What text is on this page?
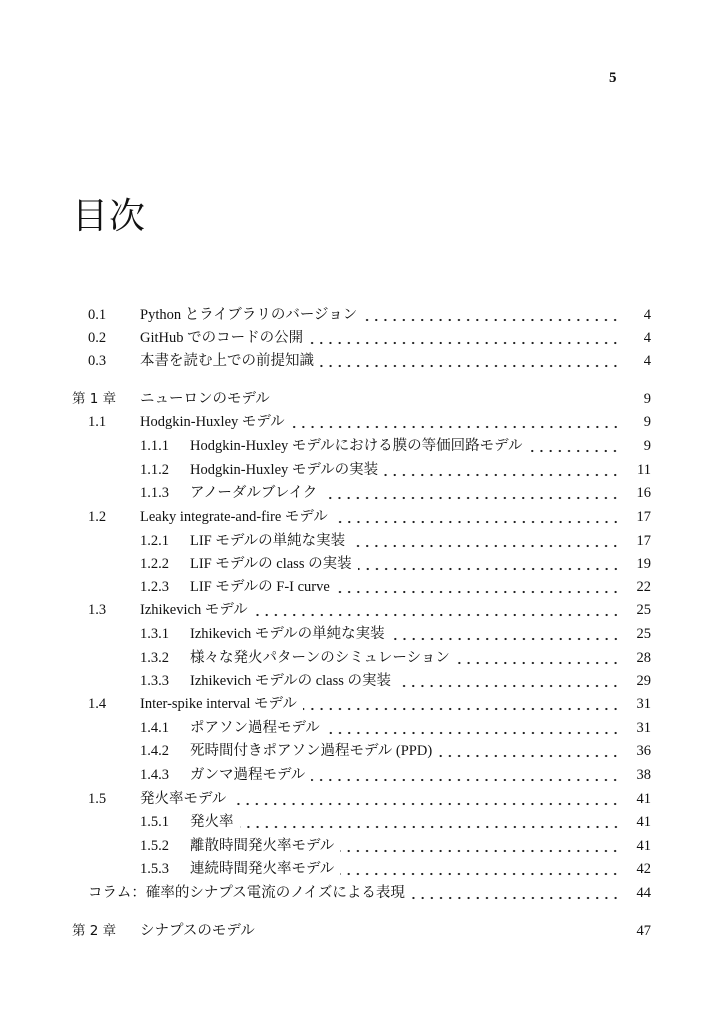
5
目次
0.1 Python とライブラリのバージョン	4
0.2 GitHub でのコードの公開	4
0.3 本書を読む上での前提知識	4
第 1 章 ニューロンのモデル	9
1.1 Hodgkin-Huxley モデル	9
1.1.1 Hodgkin-Huxley モデルにおける膜の等価回路モデル	9
1.1.2 Hodgkin-Huxley モデルの実装	11
1.1.3 アノーダルブレイク	16
1.2 Leaky integrate-and-fire モデル	17
1.2.1 LIF モデルの単純な実装	17
1.2.2 LIF モデルの class の実装	19
1.2.3 LIF モデルの F-I curve	22
1.3 Izhikevich モデル	25
1.3.1 Izhikevich モデルの単純な実装	25
1.3.2 様々な発火パターンのシミュレーション	28
1.3.3 Izhikevich モデルの class の実装	29
1.4 Inter-spike interval モデル	31
1.4.1 ポアソン過程モデル	31
1.4.2 死時間付きポアソン過程モデル (PPD)	36
1.4.3 ガンマ過程モデル	38
1.5 発火率モデル	41
1.5.1 発火率	41
1.5.2 離散時間発火率モデル	41
1.5.3 連続時間発火率モデル	42
コラム：確率的シナプス電流のノイズによる表現	44
第 2 章 シナプスのモデル	47
